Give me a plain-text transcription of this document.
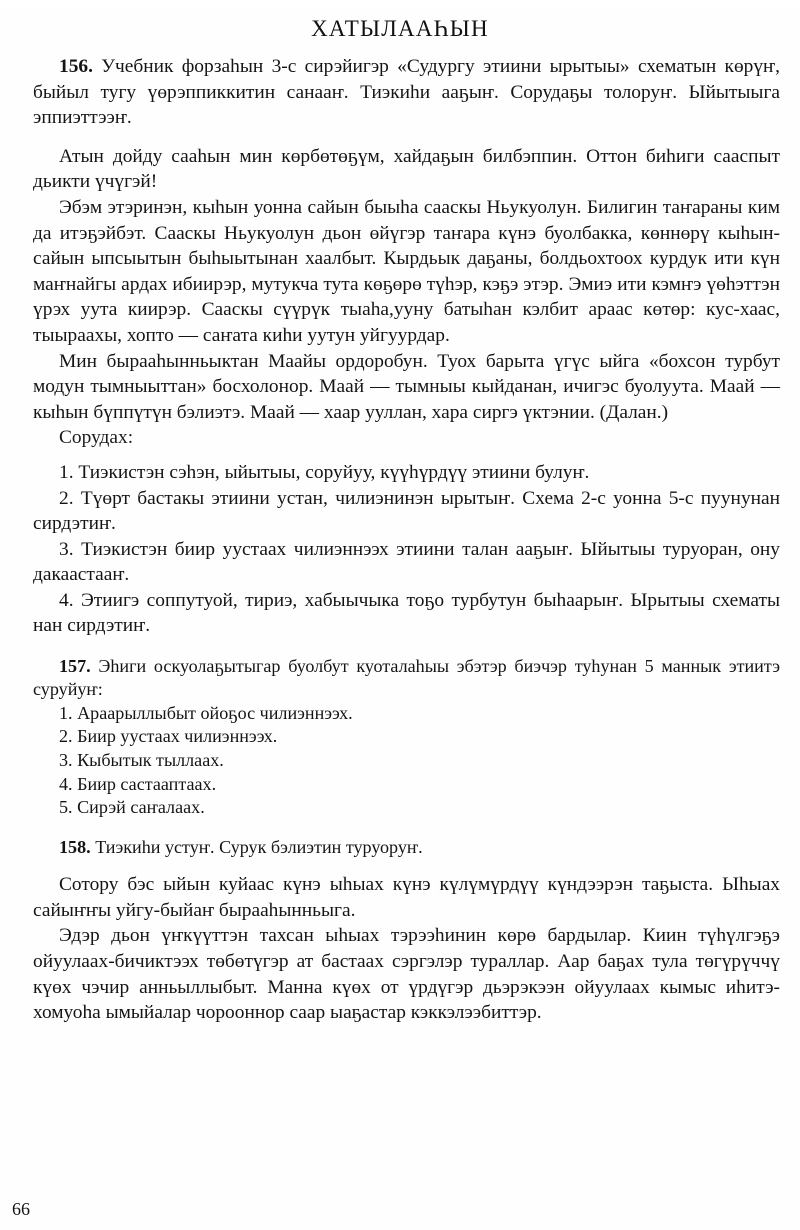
ХАТЫЛААҺЫН

156. Учебник форзаһын 3-с сирэйигэр «Судургу этиини ырытыы» схематын көрүҥ, быйыл тугу үөрэппиккитин санааҥ. Тиэкиһи ааҕыҥ. Сорудаҕы толоруҥ. Ыйытыыга эппиэттээҥ.

Атын дойду сааһын мин көрбөтөҕүм, хайдаҕын билбэппин. Оттон биһиги сааспыт дьикти үчүгэй!

Эбэм этэринэн, кыһын уонна сайын быыһа сааскы Ньукуолун. Билигин таҥараны ким да итэҕэйбэт. Сааскы Ньукуолун дьон өйүгэр таҥара күнэ буолбакка, көннөрү кыһын-сайын ыпсыытын быһыытынан хаалбыт. Кырдьык даҕаны, болдьохтоох курдук ити күн маҥнайгы ардах ибиирэр, мутукча тута көҕөрө түһэр, кэҕэ этэр. Эмиэ ити кэмҥэ үөһэттэн үрэх уута киирэр. Сааскы сүүрүк тыаһа,ууну батыһан кэлбит араас көтөр: кус-хаас, тыыраахы, хопто — саҥата киһи уутун уйгуурдар.

Мин быраaһынньыктан Маайы ордоробун. Туох барыта үгүс ыйга «бохсон турбут модун тымныыттан» босхолонор. Маай — тымныы кыйданан, ичигэс буолуута. Маай — кыһын бүппүтүн бэлиэтэ. Маай — хаар ууллан, хара сиргэ үктэнии. (Далан.)

Сорудах:

1. Тиэкистэн сэһэн, ыйытыы, соруйуу, күүһүрдүү этиини булуҥ.

2. Түөрт бастакы этиини устан, чилиэнинэн ырытыҥ. Схема 2-с уонна 5-с пуунунан сирдэтиҥ.

3. Тиэкистэн биир уустаах чилиэннээх этиини талан ааҕыҥ. Ыйытыы туруоран, ону дакаастааҥ.

4. Этиигэ соппутуой, тириэ, хабыычыка тоҕо турбутун быһаарыҥ. Ырытыы схематы нан сирдэтиҥ.

157. Эһиги оскуолаҕытыгар буолбут куоталаһыы эбэтэр биэчэр туһунан 5 маннык этиитэ суруйуҥ:

1. Араарыллыбыт ойоҕос чилиэннээх.

2. Биир уустаах чилиэннээх.

3. Кыбытык тыллаах.

4. Биир састааптаах.

5. Сирэй саҥалаах.

158. Тиэкиһи устуҥ. Сурук бэлиэтин туруоруҥ.

Сотору бэс ыйын куйаас күнэ ыһыах күнэ күлүмүрдүү күндээрэн таҕыста. Ыһыах сайыҥҥы уйгу-быйаҥ быраaһынньыга.

Эдэр дьон үҥкүүттэн тахсан ыһыах тэрээһинин көрө бардылар. Киин түһүлгэҕэ ойуулаах-бичиктээх төбөтүгэр ат бастаах сэргэлэр тураллар. Аар баҕах тула төгүрүччү күөх чэчир анньыллыбыт. Манна күөх от үрдүгэр дьэрэкээн ойуулаах кымыс иһитэ-хомуоһа ымыйалар чорооннор саар ыаҕастар кэккэлээбиттэр.

66
